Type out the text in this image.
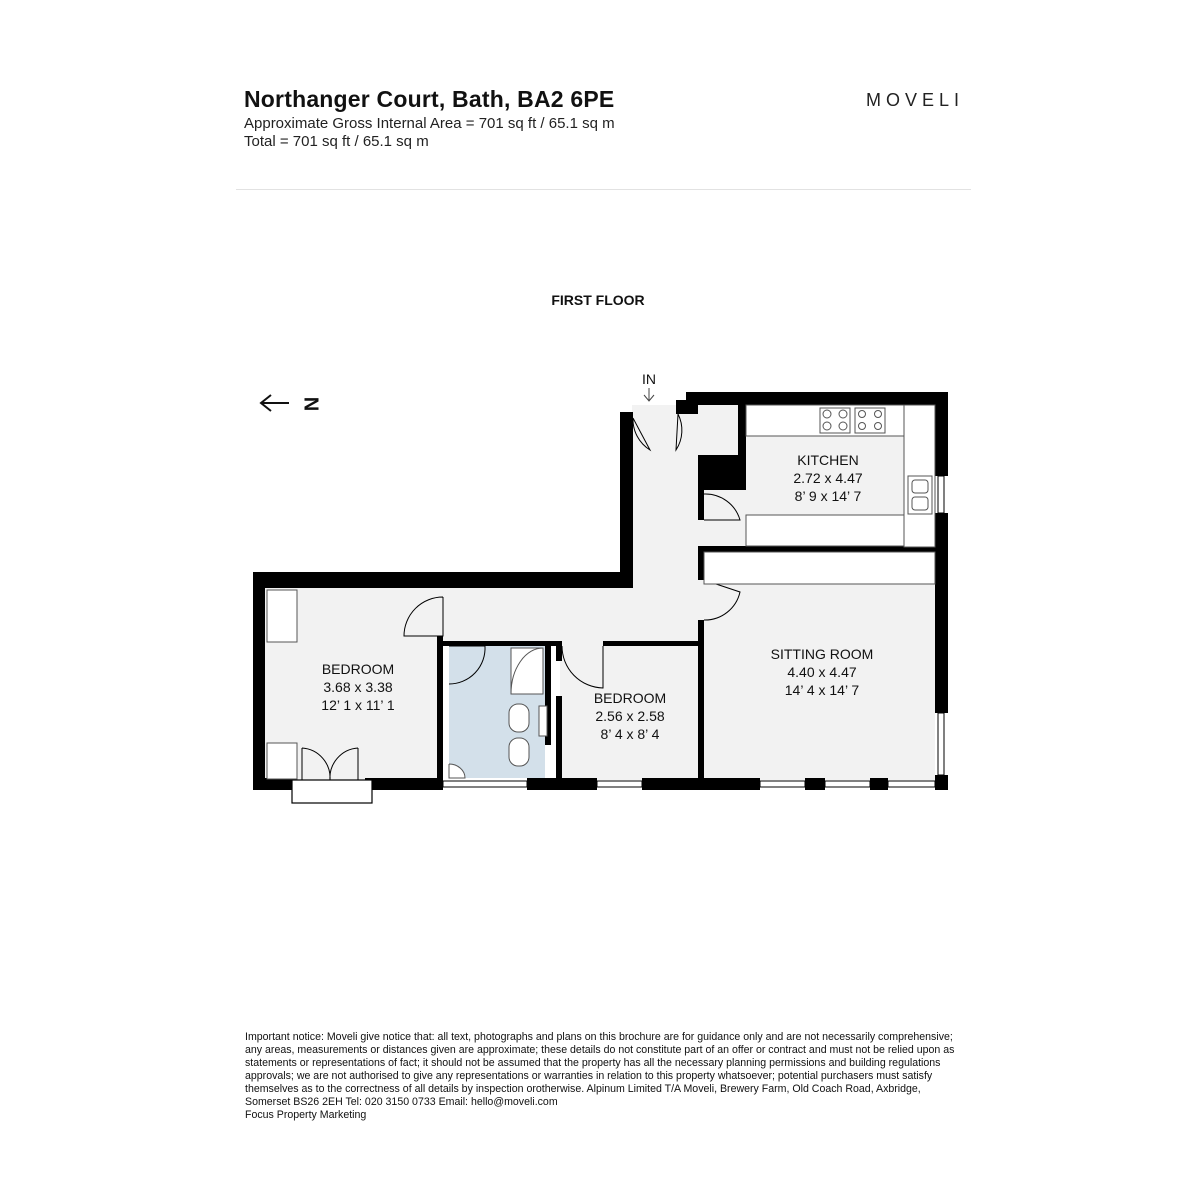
Northanger Court, Bath, BA2 6PE
Approximate Gross Internal Area = 701 sq ft / 65.1 sq m
Total = 701 sq ft / 65.1 sq m
MOVELI
FIRST FLOOR
KITCHEN
2.72 x 4.47
8’ 9 x 14’ 7
BEDROOM
3.68 x 3.38
12’ 1 x 11’ 1	BEDROOM
2.56 x 2.58
8’ 4 x 8’ 4
SITTING ROOM
4.40 x 4.47
14’ 4 x 14’ 7
IN
N

Important notice: Moveli give notice that: all text, photographs and plans on this brochure are for guidance only and are not necessarily comprehensive; any areas, measurements or distances given are approximate; these details do not constitute part of an offer or contract and must not be relied upon as statements or representations of fact; it should not be assumed that the property has all the necessary planning permissions and building regulations approvals; we are not authorised to give any representations or warranties in relation to this property whatsoever; potential purchasers must satisfy themselves as to the correctness of all details by inspection orotherwise. Alpinum Limited T/A Moveli, Brewery Farm, Old Coach Road, Axbridge, Somerset BS26 2EH Tel: 020 3150 0733 Email: hello@moveli.com

Focus Property Marketing
